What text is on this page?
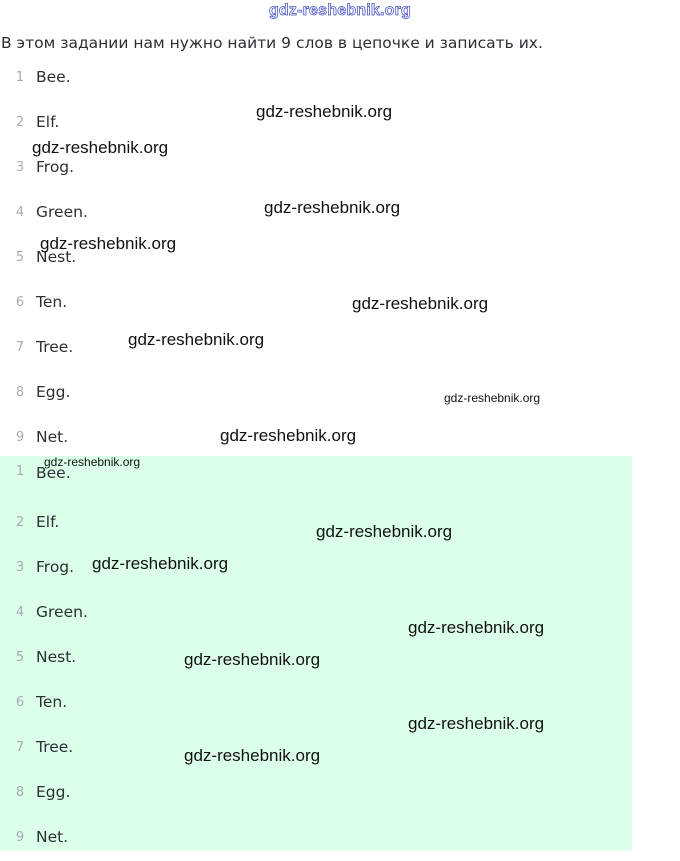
gdz-reshebnik.org
В этом задании нам нужно найти 9 слов в цепочке и записать их.
1 Bee.
2 Elf.
3 Frog.
4 Green.
5 Nest.
6 Ten.
7 Tree.
8 Egg.
9 Net.
1 Bee.
2 Elf.
3 Frog.
4 Green.
5 Nest.
6 Ten.
7 Tree.
8 Egg.
9 Net.
gdz-reshebnik.org
gdz-reshebnik.org
gdz-reshebnik.org
gdz-reshebnik.org
gdz-reshebnik.org
gdz-reshebnik.org
gdz-reshebnik.org
gdz-reshebnik.org
gdz-reshebnik.org
gdz-reshebnik.org
gdz-reshebnik.org
gdz-reshebnik.org
gdz-reshebnik.org
gdz-reshebnik.org
gdz-reshebnik.org
